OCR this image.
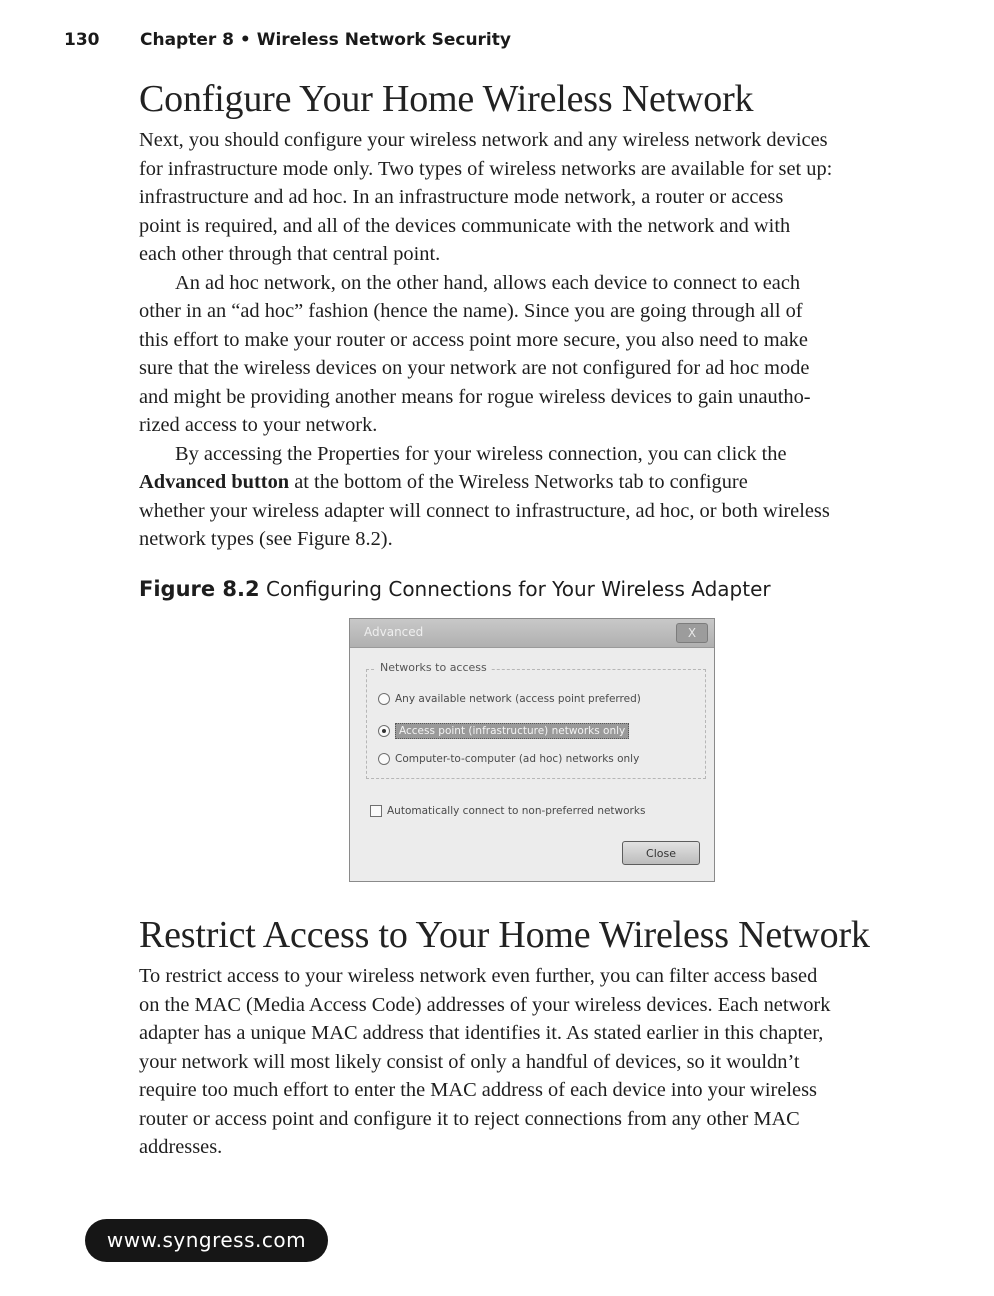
130 Chapter 8 • Wireless Network Security
Configure Your Home Wireless Network
Next, you should configure your wireless network and any wireless network devices
for infrastructure mode only. Two types of wireless networks are available for set up:
infrastructure and ad hoc. In an infrastructure mode network, a router or access
point is required, and all of the devices communicate with the network and with
each other through that central point.
An ad hoc network, on the other hand, allows each device to connect to each
other in an “ad hoc” fashion (hence the name). Since you are going through all of
this effort to make your router or access point more secure, you also need to make
sure that the wireless devices on your network are not configured for ad hoc mode
and might be providing another means for rogue wireless devices to gain unautho-
rized access to your network.
By accessing the Properties for your wireless connection, you can click the
Advanced button at the bottom of the Wireless Networks tab to configure
whether your wireless adapter will connect to infrastructure, ad hoc, or both wireless
network types (see Figure 8.2).
Figure 8.2 Configuring Connections for Your Wireless Adapter
Advanced	X
Networks to access
Any available network (access point preferred)
Access point (infrastructure) networks only
Computer-to-computer (ad hoc) networks only
Automatically connect to non-preferred networks
Close
Restrict Access to Your Home Wireless Network
To restrict access to your wireless network even further, you can filter access based
on the MAC (Media Access Code) addresses of your wireless devices. Each network
adapter has a unique MAC address that identifies it. As stated earlier in this chapter,
your network will most likely consist of only a handful of devices, so it wouldn’t
require too much effort to enter the MAC address of each device into your wireless
router or access point and configure it to reject connections from any other MAC
addresses.
www.syngress.com
